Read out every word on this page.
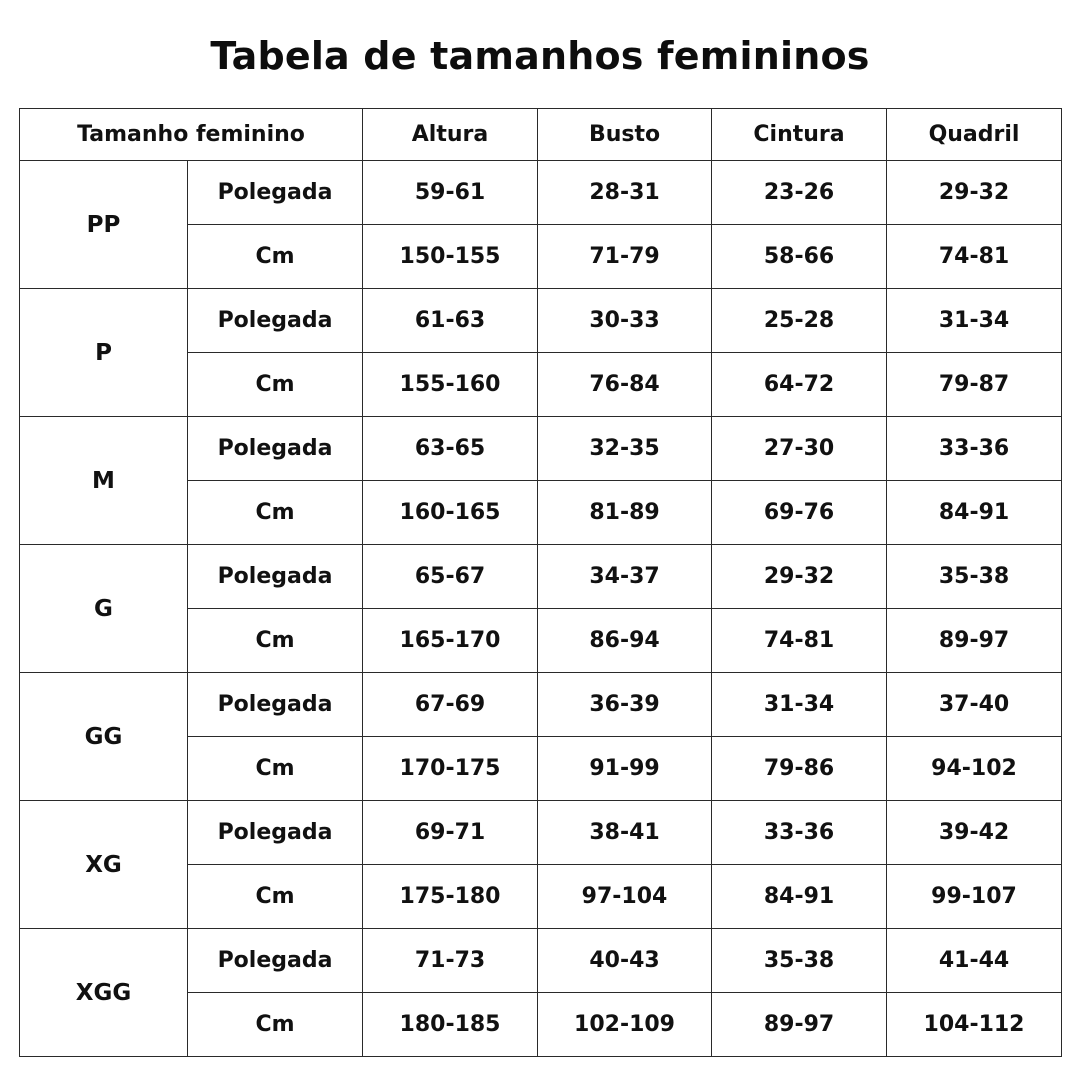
Tabela de tamanhos femininos
Tamanho feminino		Altura	Busto	Cintura	Quadril
PP	Polegada	59-61	28-31	23-26	29-32
	Cm	150-155	71-79	58-66	74-81
P	Polegada	61-63	30-33	25-28	31-34
	Cm	155-160	76-84	64-72	79-87
M	Polegada	63-65	32-35	27-30	33-36
	Cm	160-165	81-89	69-76	84-91
G	Polegada	65-67	34-37	29-32	35-38
	Cm	165-170	86-94	74-81	89-97
GG	Polegada	67-69	36-39	31-34	37-40
	Cm	170-175	91-99	79-86	94-102
XG	Polegada	69-71	38-41	33-36	39-42
	Cm	175-180	97-104	84-91	99-107
XGG	Polegada	71-73	40-43	35-38	41-44
	Cm	180-185	102-109	89-97	104-112
